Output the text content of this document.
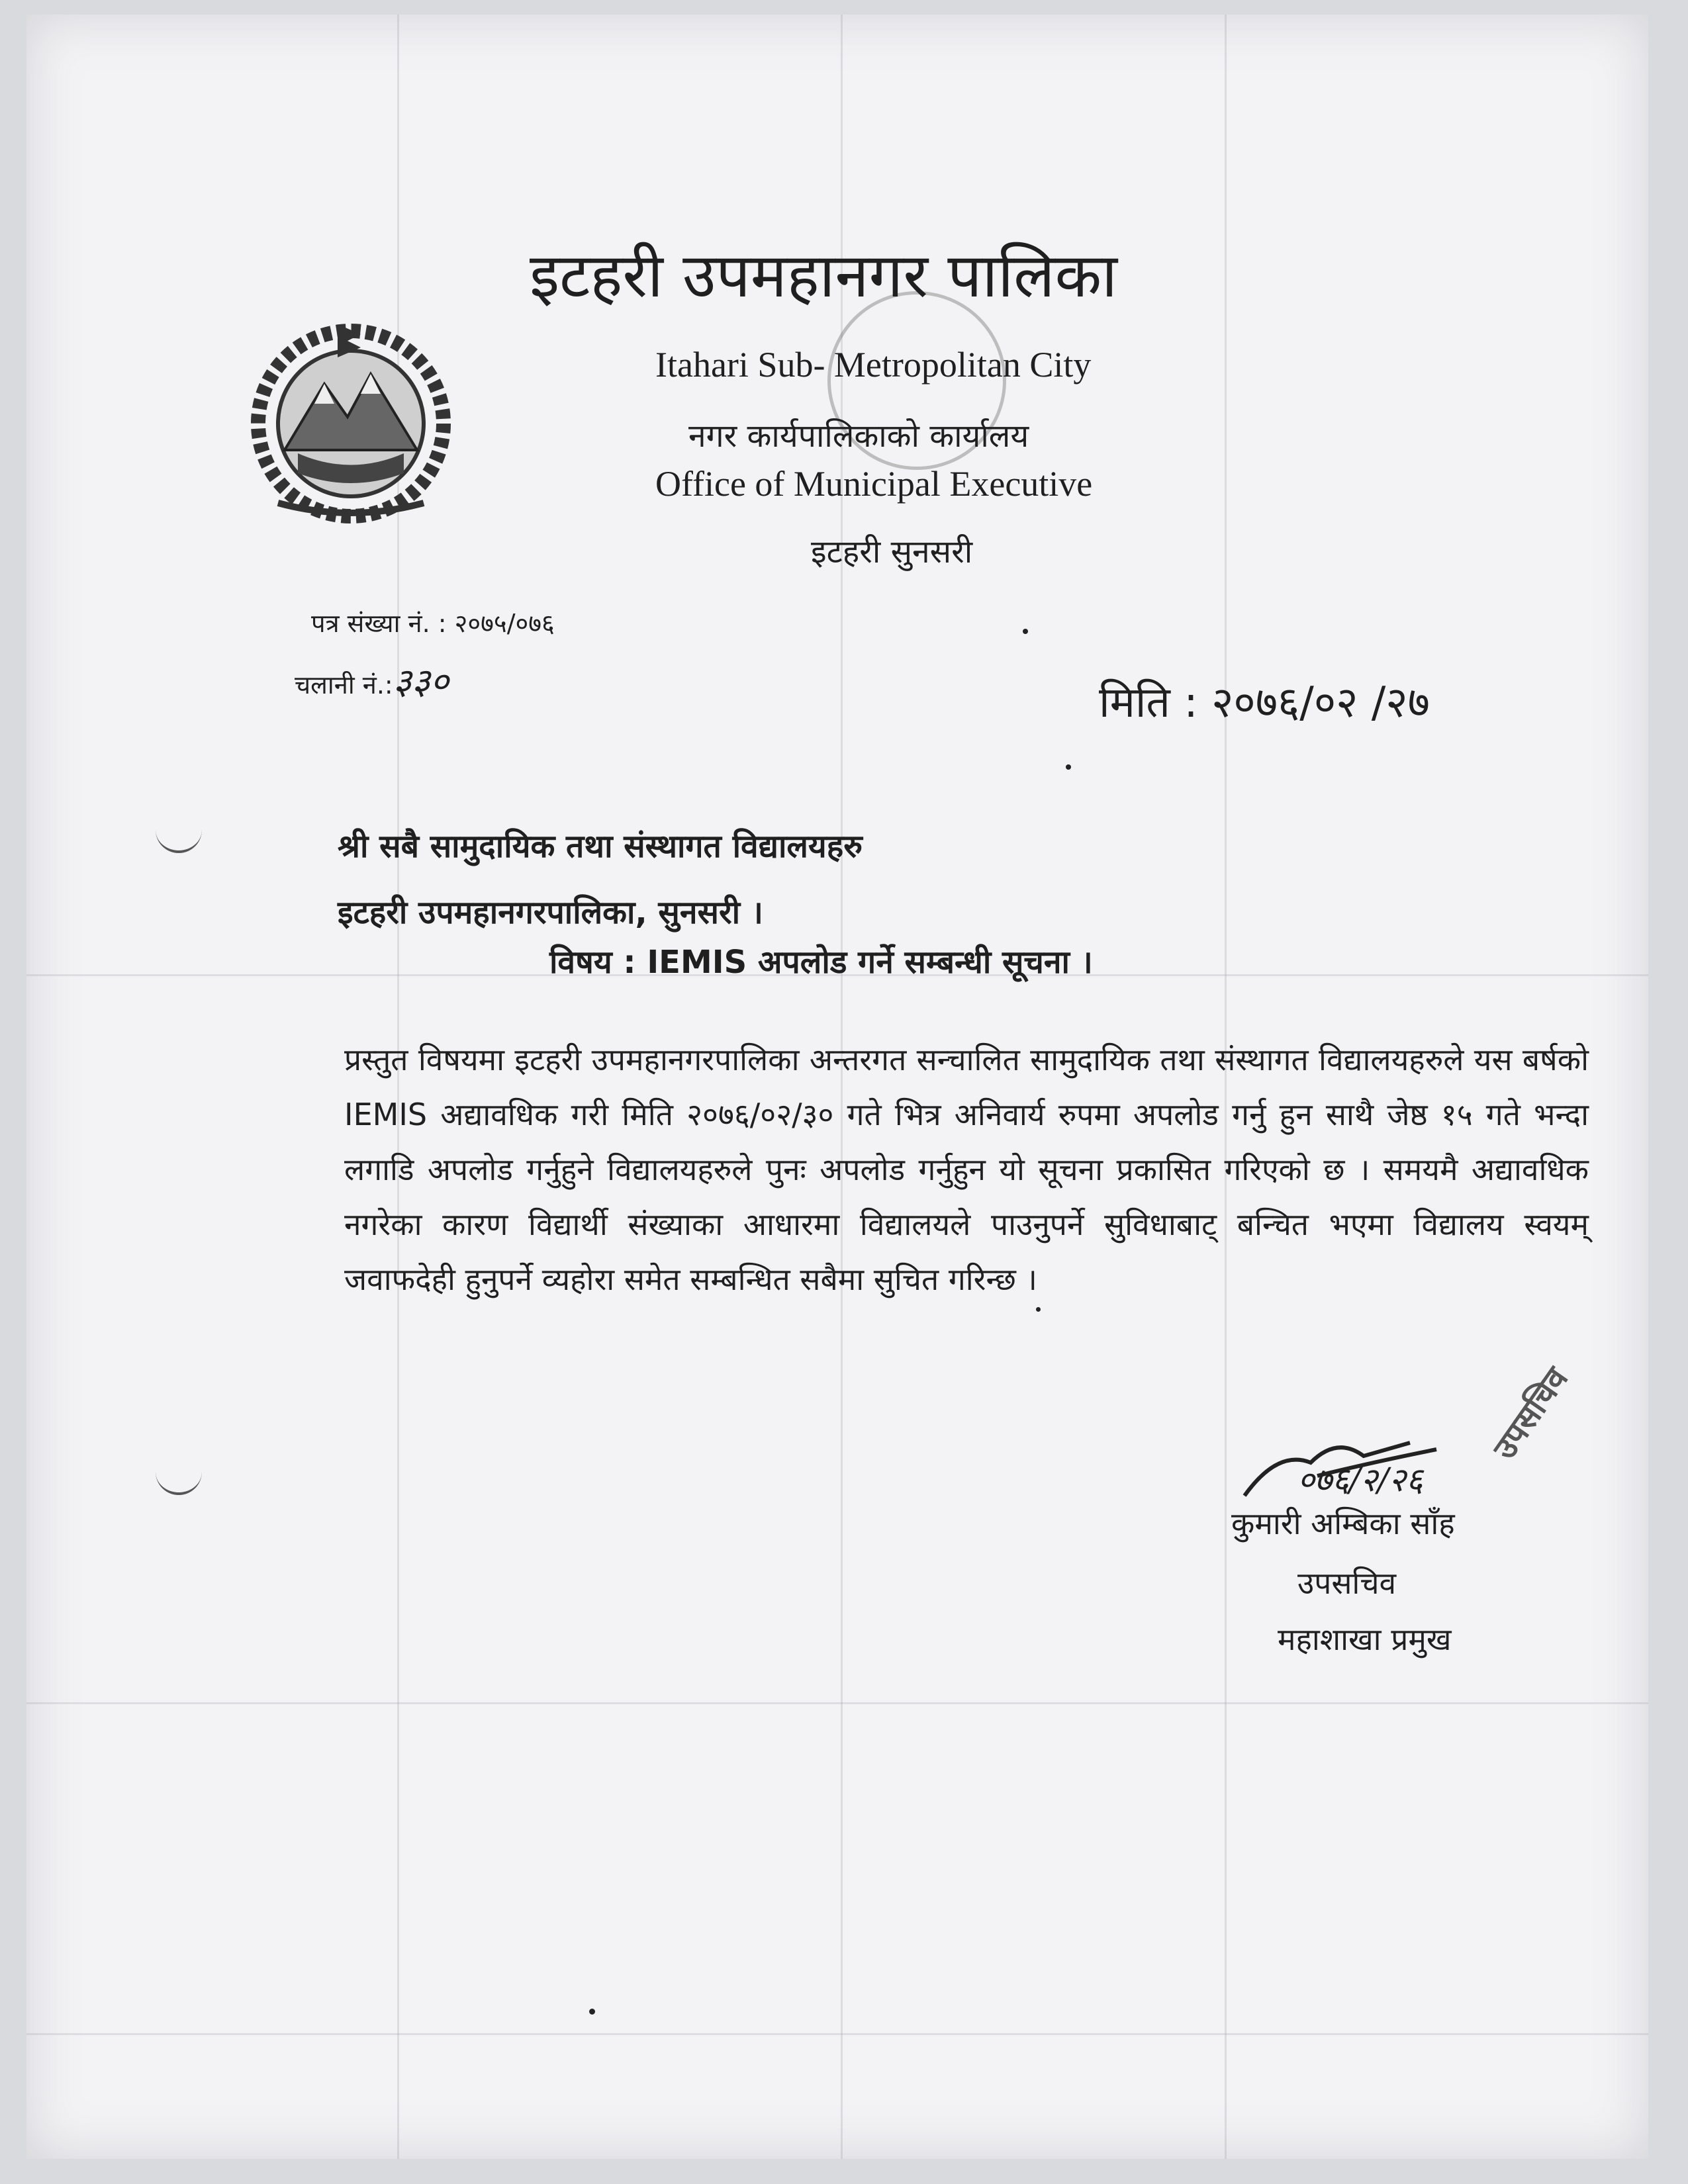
इटहरी उपमहानगर पालिका
Itahari Sub- Metropolitan City
नगर कार्यपालिकाको कार्यालय
Office of Municipal Executive
इटहरी सुनसरी
पत्र संख्या नं. : २०७५/०७६
चलानी नं.:३३०	मिति : २०७६/०२ /२७
श्री सबै सामुदायिक तथा संस्थागत विद्यालयहरु
इटहरी उपमहानगरपालिका, सुनसरी ।
विषय : IEMIS अपलोड गर्ने सम्बन्धी सूचना ।
प्रस्तुत विषयमा इटहरी उपमहानगरपालिका अन्तरगत सन्चालित सामुदायिक तथा संस्थागत विद्यालयहरुले यस बर्षको IEMIS अद्यावधिक गरी मिति २०७६/०२/३० गते भित्र अनिवार्य रुपमा अपलोड गर्नु हुन साथै जेष्ठ १५ गते भन्दा लगाडि अपलोड गर्नुहुने विद्यालयहरुले पुनः अपलोड गर्नुहुन यो सूचना प्रकासित गरिएको छ । समयमै अद्यावधिक नगरेका कारण विद्यार्थी संख्याका आधारमा विद्यालयले पाउनुपर्ने सुविधाबाट् बन्चित भएमा विद्यालय स्वयम् जवाफदेही हुनुपर्ने व्यहोरा समेत सम्बन्धित सबैमा सुचित गरिन्छ ।
०७६/२/२६
उपसचिव
कुमारी अम्बिका साँह
उपसचिव
महाशाखा प्रमुख
